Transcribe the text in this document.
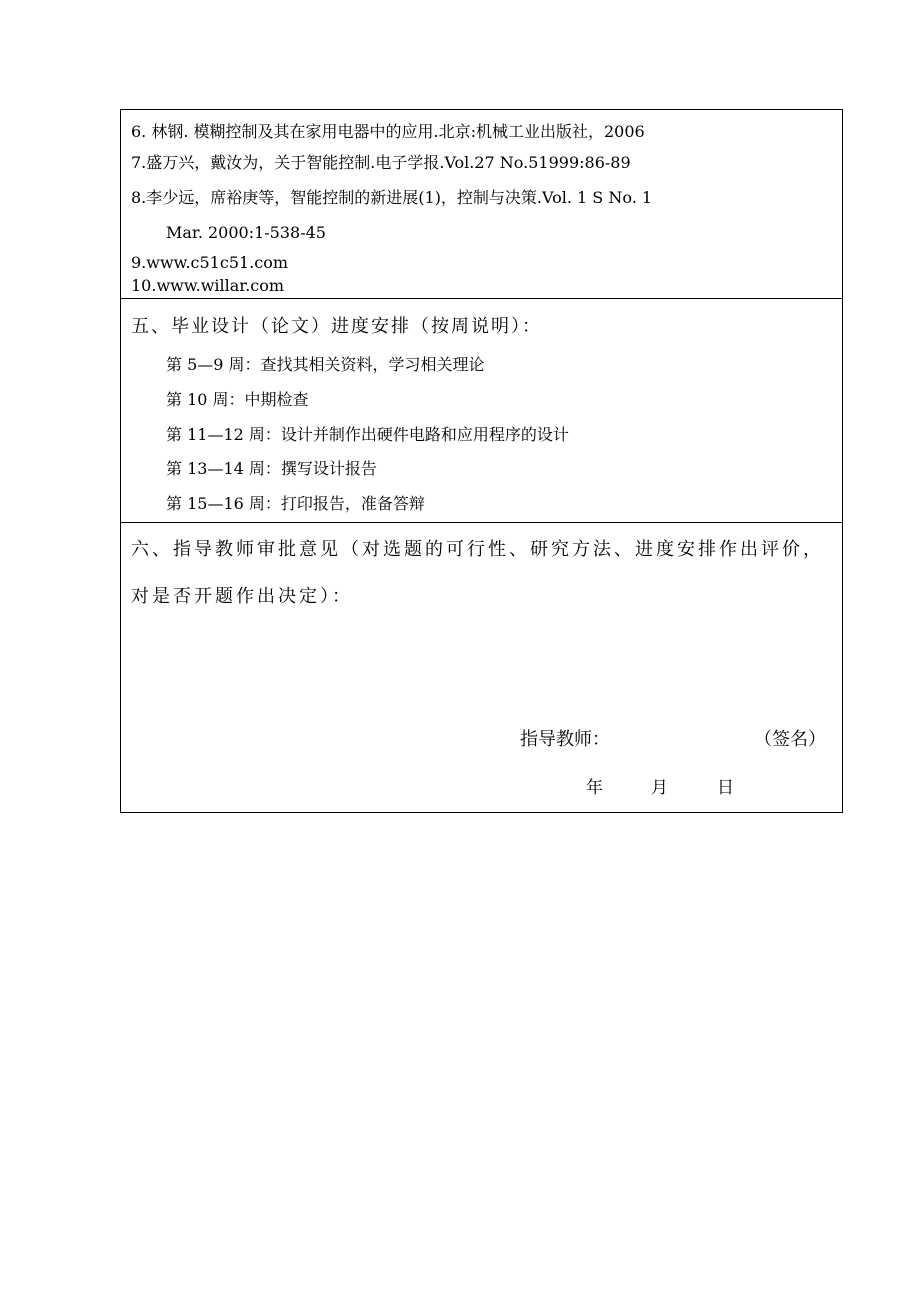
6. 林钢. 模糊控制及其在家用电器中的应用.北京:机械工业出版社，2006
7.盛万兴，戴汝为，关于智能控制.电子学报.Vol.27 No.51999:86-89
8.李少远，席裕庚等，智能控制的新进展(1)，控制与决策.Vol. 1 S No. 1
Mar. 2000:1-538-45
9.www.c51c51.com
10.www.willar.com
五、毕业设计（论文）进度安排（按周说明）：
第 5—9 周：查找其相关资料，学习相关理论
第 10 周：中期检查
第 11—12 周：设计并制作出硬件电路和应用程序的设计
第 13—14 周：撰写设计报告
第 15—16 周：打印报告，准备答辩
六、指导教师审批意见（对选题的可行性、研究方法、进度安排作出评价，
对是否开题作出决定）：
指导教师：	（签名）
年	月	日
